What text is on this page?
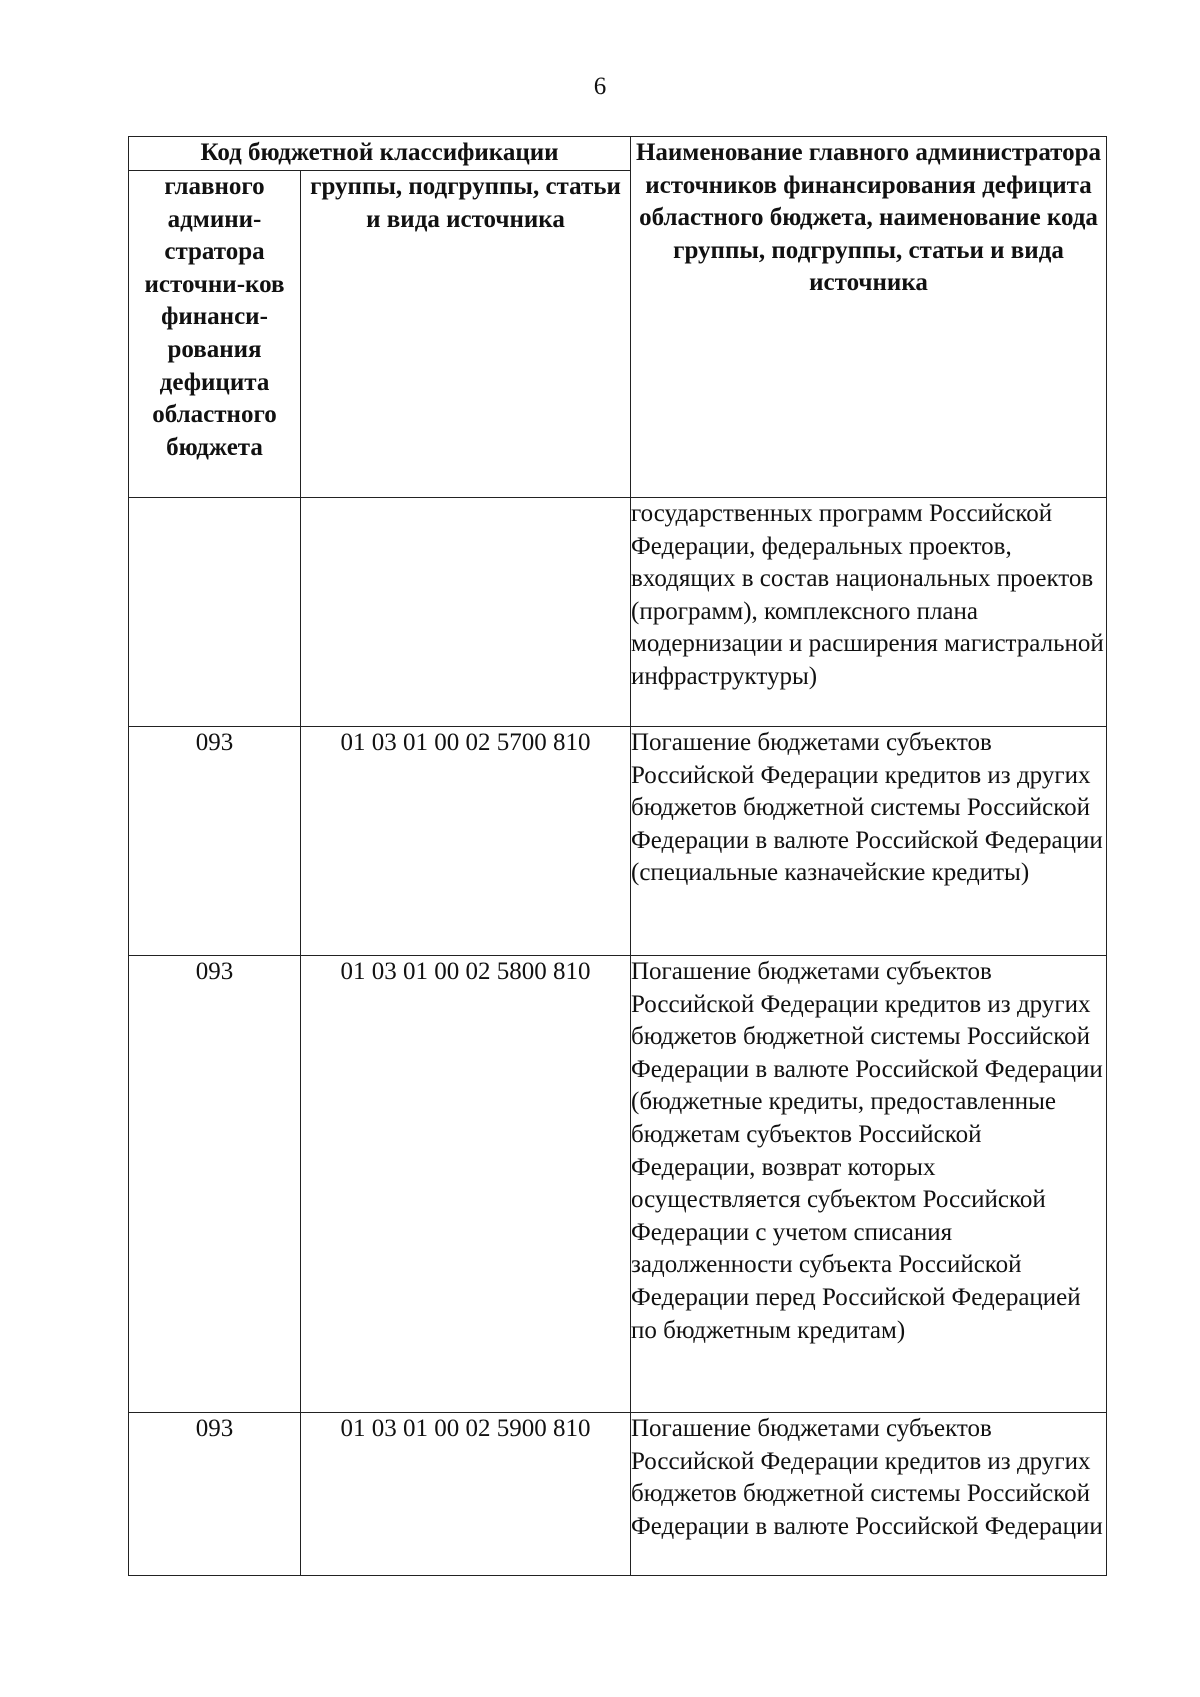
6
Код бюджетной классификации		Наименование главного администратора источников финансирования дефицита областного бюджета, наименование кода группы, подгруппы, статьи и вида источника
главного админи-стратора источни-ков финанси-рования дефицита областного бюджета	группы, подгруппы, статьи и вида источника	
		государственных программ Российской Федерации, федеральных проектов, входящих в состав национальных проектов (программ), комплексного плана модернизации и расширения магистральной инфраструктуры)
093	01 03 01 00 02 5700 810	Погашение бюджетами субъектов Российской Федерации кредитов из других бюджетов бюджетной системы Российской Федерации в валюте Российской Федерации (специальные казначейские кредиты)
093	01 03 01 00 02 5800 810	Погашение бюджетами субъектов Российской Федерации кредитов из других бюджетов бюджетной системы Российской Федерации в валюте Российской Федерации (бюджетные кредиты, предоставленные бюджетам субъектов Российской Федерации, возврат которых осуществляется субъектом Российской Федерации с учетом списания задолженности субъекта Российской Федерации перед Российской Федерацией по бюджетным кредитам)
093	01 03 01 00 02 5900 810	Погашение бюджетами субъектов Российской Федерации кредитов из других бюджетов бюджетной системы Российской Федерации в валюте Российской Федерации
